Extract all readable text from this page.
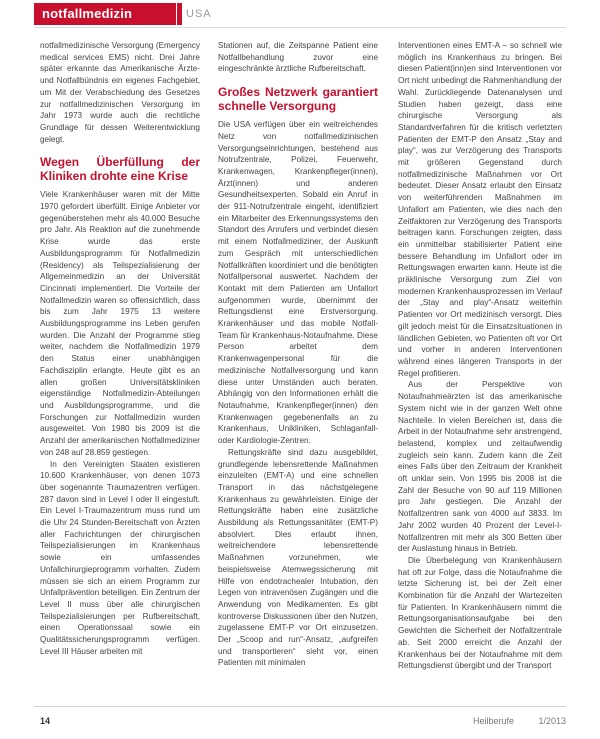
notfallmedizin	USA

notfallmedizinische Versorgung (Emergency medical services EMS) nicht. Drei Jahre später erkannte das Amerikanische Ärzte- und Notfallbündnis ein eigenes Fachgebiet, um Mit der Verabschiedung des Gesetzes zur notfallmedizinischen Versorgung im Jahr 1973 wurde auch die rechtliche Grundlage für dessen Weiterentwicklung gelegt.

Wegen Überfüllung der Kliniken drohte eine Krise

Viele Krankenhäuser waren mit der Mitte 1970 gefordert überfüllt. Einige Anbieter vor gegenüberstehen mehr als 40.000 Besuche pro Jahr. Als Reaktion auf die zunehmende Krise wurde das erste Ausbildungsprogramm für Notfallmedizin (Residency) als Teilspezialisierung der Allgemeinmedizin an der Universität Cincinnati implementiert. Die Vorteile der Notfallmedizin waren so offensichtlich, dass bis zum Jahr 1975 13 weitere Ausbildungsprogramme ins Leben gerufen wurden. Die Anzahl der Programme stieg weiter, nachdem die Notfallmedizin 1979 den Status einer unabhängigen Fachdisziplin erlangte. Heute gibt es an allen großen Universitätskliniken eigenständige Notfallmedizin-Abteilungen und Ausbildungsprogramme, und die Forschungen zur Notfallmedizin wurden ausgeweitet. Von 1980 bis 2009 ist die Anzahl der amerikanischen Notfallmediziner von 248 auf 28.859 gestiegen.

In den Vereinigten Staaten existieren 10.600 Krankenhäuser, von denen 1073 über sogenannte Traumazentren verfügen. 287 davon sind in Level I oder II eingestuft. Ein Level I-Traumazentrum muss rund um die Uhr 24 Stunden-Bereitschaft von Ärzten aller Fachrichtungen der chirurgischen Teilspezialisierungen im Krankenhaus sowie ein umfassendes Unfallchirurgieprogramm vorhalten. Zudem müssen sie sich an einem Programm zur Unfallprävention beteiligen. Ein Zentrum der Level II muss über alle chirurgischen Teilspezialisierungen per Rufbereitschaft, einen Operationssaal sowie ein Qualitätssicherungsprogramm verfügen. Level III Häuser arbeiten mit

Stationen auf, die Zeitspanne Patient eine Notfallbehandlung zuvor eine eingeschränkte ärztliche Rufbereitschaft.

Großes Netzwerk garantiert schnelle Versorgung

Die USA verfügen über ein weitreichendes Netz von notfallmedizinischen Versorgungseinrichtungen, bestehend aus Notrufzentrale, Polizei, Feuerwehr, Krankenwagen, Krankenpfleger(innen), Ärzt(innen) und anderen Gesundheitsexperten. Sobald ein Anruf in der 911-Notrufzentrale eingeht, identifiziert ein Mitarbeiter des Erkennungssystems den Standort des Anrufers und verbindet diesen mit einem Notfallmediziner, der Auskunft zum Gespräch mit unterschiedlichen Notfallkräften koordiniert und die benötigten Notfallpersonal auswertet. Nachdem der Kontakt mit dem Patienten am Unfallort aufgenommen wurde, übernimmt der Rettungsdienst eine Erstversorgung. Krankenhäuser und das mobile Notfall-Team für Krankenhaus-Notaufnahme. Diese Person arbeitet dem Krankenwagenpersonal für die medizinische Notfallversorgung und kann diese unter Umständen auch beraten. Abhängig von den Informationen erhält die Notaufnahme, Krankenpfleger(innen) den Krankenwagen gegebenenfalls an zu Krankenhaus, Unikliniken, Schlaganfall- oder Kardiologie-Zentren.

Rettungskräfte sind dazu ausgebildet, grundlegende lebensrettende Maßnahmen einzuleiten (EMT-A) und eine schnellen Transport in das nächstgelegene Krankenhaus zu gewährleisten. Einige der Rettungskräfte haben eine zusätzliche Ausbildung als Rettungssanitäter (EMT-P) absolviert. Dies erlaubt ihnen, weitreichendere lebensrettende Maßnahmen vorzunehmen, wie beispielsweise Atemwegssicherung mit Hilfe von endotrachealer Intubation, den Legen von intravenösen Zugängen und die Anwendung von Medikamenten. Es gibt kontroverse Diskussionen über den Nutzen, zugelassene EMT-P vor Ort einzusetzen. Der „Scoop and run“-Ansatz, „aufgreifen und transportieren“ sieht vor, einen Patienten mit minimalen

Interventionen eines EMT-A – so schnell wie möglich ins Krankenhaus zu bringen. Bei diesen Patient(inn)en sind Interventionen vor Ort nicht unbedingt die Rahmenhandlung der Wahl. Zurückliegende Datenanalysen und Studien haben gezeigt, dass eine chirurgische Versorgung als Standardverfahren für die kritisch verletzten Patienten der EMT-P den Ansatz „Stay and play“, was zur Verzögerung des Transports mit größeren Gegenstand durch notfallmedizinische Maßnahmen vor Ort bedeutet. Dieser Ansatz erlaubt den Einsatz von weiterführenden Maßnahmen im Unfallort am Patienten, wie dies nach den Zeitfaktoren zur Verzögerung des Transports beitragen kann. Forschungen zeigten, dass ein unmittelbar stabilisierter Patient eine bessere Behandlung im Unfallort oder im Rettungswagen erwarten kann. Heute ist die präklinische Versorgung zum Ziel von modernen Krankenhausprozessen im Verlauf der „Stay and play“-Ansatz weiterhin Patienten vor Ort medizinisch versorgt. Dies gilt jedoch meist für die Einsatzsituationen in ländlichen Gebieten, wo Patienten oft vor Ort und vorher in anderen Interventionen während eines längeren Transports in der Regel profitieren.

Aus der Perspektive von Notaufnahmeärzten ist das amerikanische System nicht wie in der ganzen Welt ohne Nachteile. In vielen Bereichen ist, dass die Arbeit in der Notaufnahme sehr anstrengend, belastend, komplex und zeitaufwendig zugleich sein kann. Zudem kann die Zeit eines Falls über den Zeitraum der Krankheit oft unklar sein. Von 1995 bis 2008 ist die Zahl der Besuche von 90 auf 119 Millionen pro Jahr gestiegen. Die Anzahl der Notfallzentren sank von 4000 auf 3833. Im Jahr 2002 wurden 40 Prozent der Level-I-Notfallzentren mit mehr als 300 Betten über der Auslastung hinaus in Betrieb.

Die Überbelegung von Krankenhäusern hat oft zur Folge, dass die Notaufnahme die letzte Sicherung ist, bei der Zeit einer Kombination für die Anzahl der Wartezeiten für Patienten. In Krankenhäusern nimmt die Rettungsorganisationsaufgabe bei den Gewichten die Sicherheit der Notfallzentrale ab. Seit 2000 erreicht die Anzahl der Krankenhaus bei der Notaufnahme mit dem Rettungsdienst übergibt und der Transport

14	Heilberufe	1/2013
